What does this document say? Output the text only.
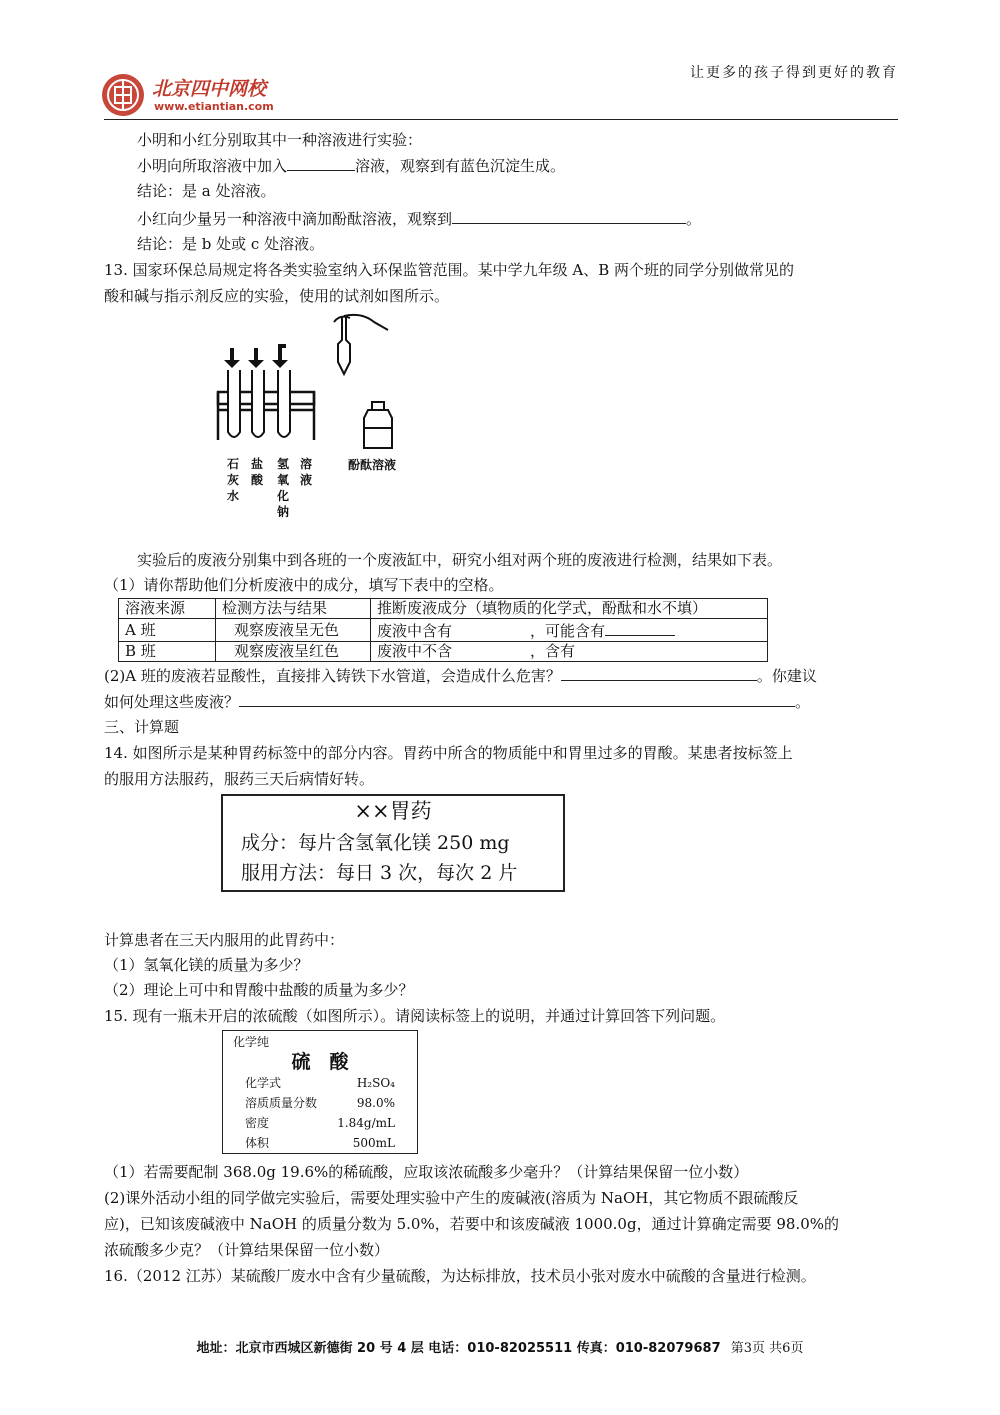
北京四中网校
www.etiantian.com
让更多的孩子得到更好的教育
小明和小红分别取其中一种溶液进行实验：
小明向所取溶液中加入	溶液，观察到有蓝色沉淀生成。
结论：是 a 处溶液。
小红向少量另一种溶液中滴加酚酞溶液，观察到	。
结论：是 b 处或 c 处溶液。
13. 国家环保总局规定将各类实验室纳入环保监管范围。某中学九年级 A、B 两个班的同学分别做常见的
酸和碱与指示剂反应的实验，使用的试剂如图所示。
石灰水
盐酸
氢氧化钠
溶液
酚酞溶液
实验后的废液分别集中到各班的一个废液缸中，研究小组对两个班的废液进行检测，结果如下表。
（1）请你帮助他们分析废液中的成分，填写下表中的空格。
溶液来源	检测方法与结果	推断废液成分（填物质的化学式，酚酞和水不填）
A 班	观察废液呈无色	废液中含有 ，可能含有
B 班	观察废液呈红色	废液中不含 ，含有
(2)A 班的废液若显酸性，直接排入铸铁下水管道，会造成什么危害？	。你建议
如何处理这些废液？	。
三、计算题
14. 如图所示是某种胃药标签中的部分内容。胃药中所含的物质能中和胃里过多的胃酸。某患者按标签上
的服用方法服药，服药三天后病情好转。
××胃药
成分：每片含氢氧化镁 250 mg
服用方法：每日 3 次，每次 2 片
计算患者在三天内服用的此胃药中：
（1）氢氧化镁的质量为多少？
（2）理论上可中和胃酸中盐酸的质量为多少？
15. 现有一瓶未开启的浓硫酸（如图所示）。请阅读标签上的说明，并通过计算回答下列问题。
化学纯
硫　酸
化学式	H₂SO₄
溶质质量分数	98.0%
密度	1.84g/mL
体积	500mL
（1）若需要配制 368.0g 19.6%的稀硫酸，应取该浓硫酸多少毫升？（计算结果保留一位小数）
(2)课外活动小组的同学做完实验后，需要处理实验中产生的废碱液(溶质为 NaOH，其它物质不跟硫酸反
应)，已知该废碱液中 NaOH 的质量分数为 5.0%，若要中和该废碱液 1000.0g，通过计算确定需要 98.0%的
浓硫酸多少克？（计算结果保留一位小数）
16.（2012 江苏）某硫酸厂废水中含有少量硫酸，为达标排放，技术员小张对废水中硫酸的含量进行检测。
地址：北京市西城区新德街 20 号 4 层 电话：010-82025511 传真：010-82079687 第3页 共6页
